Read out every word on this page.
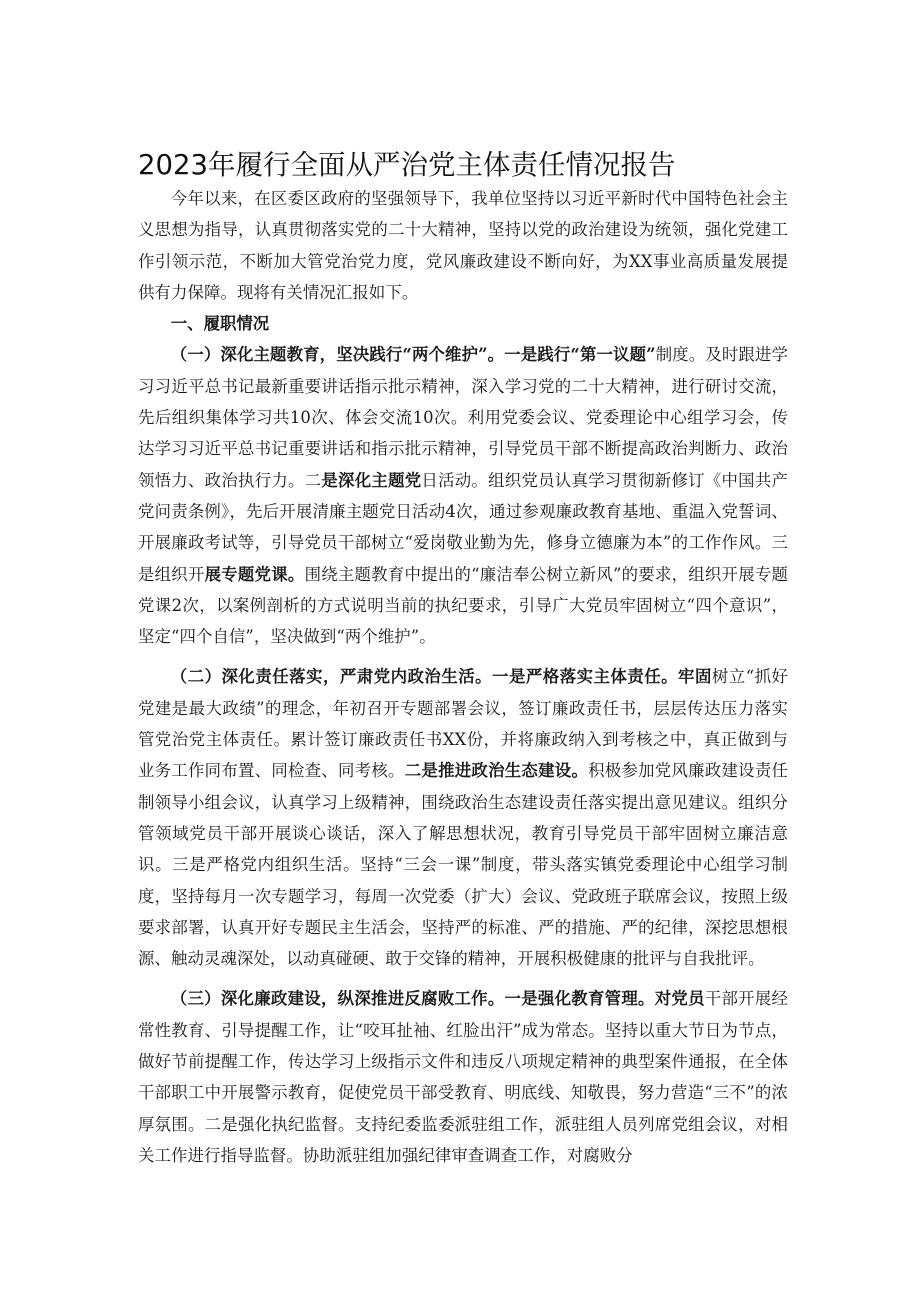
2023年履行全面从严治党主体责任情况报告

今年以来，在区委区政府的坚强领导下，我单位坚持以习近平新时代中国特色社会主义思想为指导，认真贯彻落实党的二十大精神，坚持以党的政治建设为统领，强化党建工作引领示范，不断加大管党治党力度，党风廉政建设不断向好，为XX事业高质量发展提供有力保障。现将有关情况汇报如下。

一、履职情况

（一）深化主题教育，坚决践行“两个维护”。一是践行“第一议题”制度。及时跟进学习习近平总书记最新重要讲话指示批示精神，深入学习党的二十大精神，进行研讨交流，先后组织集体学习共10次、体会交流10次。利用党委会议、党委理论中心组学习会，传达学习习近平总书记重要讲话和指示批示精神，引导党员干部不断提高政治判断力、政治领悟力、政治执行力。二是深化主题党日活动。组织党员认真学习贯彻新修订《中国共产党问责条例》，先后开展清廉主题党日活动4次，通过参观廉政教育基地、重温入党誓词、开展廉政考试等，引导党员干部树立“爱岗敬业勤为先，修身立德廉为本”的工作作风。三是组织开展专题党课。围绕主题教育中提出的“廉洁奉公树立新风”的要求，组织开展专题党课2次，以案例剖析的方式说明当前的执纪要求，引导广大党员牢固树立“四个意识”，坚定“四个自信”，坚决做到“两个维护”。

（二）深化责任落实，严肃党内政治生活。一是严格落实主体责任。牢固树立“抓好党建是最大政绩”的理念，年初召开专题部署会议，签订廉政责任书，层层传达压力落实管党治党主体责任。累计签订廉政责任书XX份，并将廉政纳入到考核之中，真正做到与业务工作同布置、同检查、同考核。二是推进政治生态建设。积极参加党风廉政建设责任制领导小组会议，认真学习上级精神，围绕政治生态建设责任落实提出意见建议。组织分管领域党员干部开展谈心谈话，深入了解思想状况，教育引导党员干部牢固树立廉洁意识。三是严格党内组织生活。坚持“三会一课”制度，带头落实镇党委理论中心组学习制度，坚持每月一次专题学习，每周一次党委（扩大）会议、党政班子联席会议，按照上级要求部署，认真开好专题民主生活会，坚持严的标准、严的措施、严的纪律，深挖思想根源、触动灵魂深处，以动真碰硬、敢于交锋的精神，开展积极健康的批评与自我批评。

（三）深化廉政建设，纵深推进反腐败工作。一是强化教育管理。对党员干部开展经常性教育、引导提醒工作，让“咬耳扯袖、红脸出汗”成为常态。坚持以重大节日为节点，做好节前提醒工作，传达学习上级指示文件和违反八项规定精神的典型案件通报，在全体干部职工中开展警示教育，促使党员干部受教育、明底线、知敬畏，努力营造“三不”的浓厚氛围。二是强化执纪监督。支持纪委监委派驻组工作，派驻组人员列席党组会议，对相关工作进行指导监督。协助派驻组加强纪律审查调查工作，对腐败分
